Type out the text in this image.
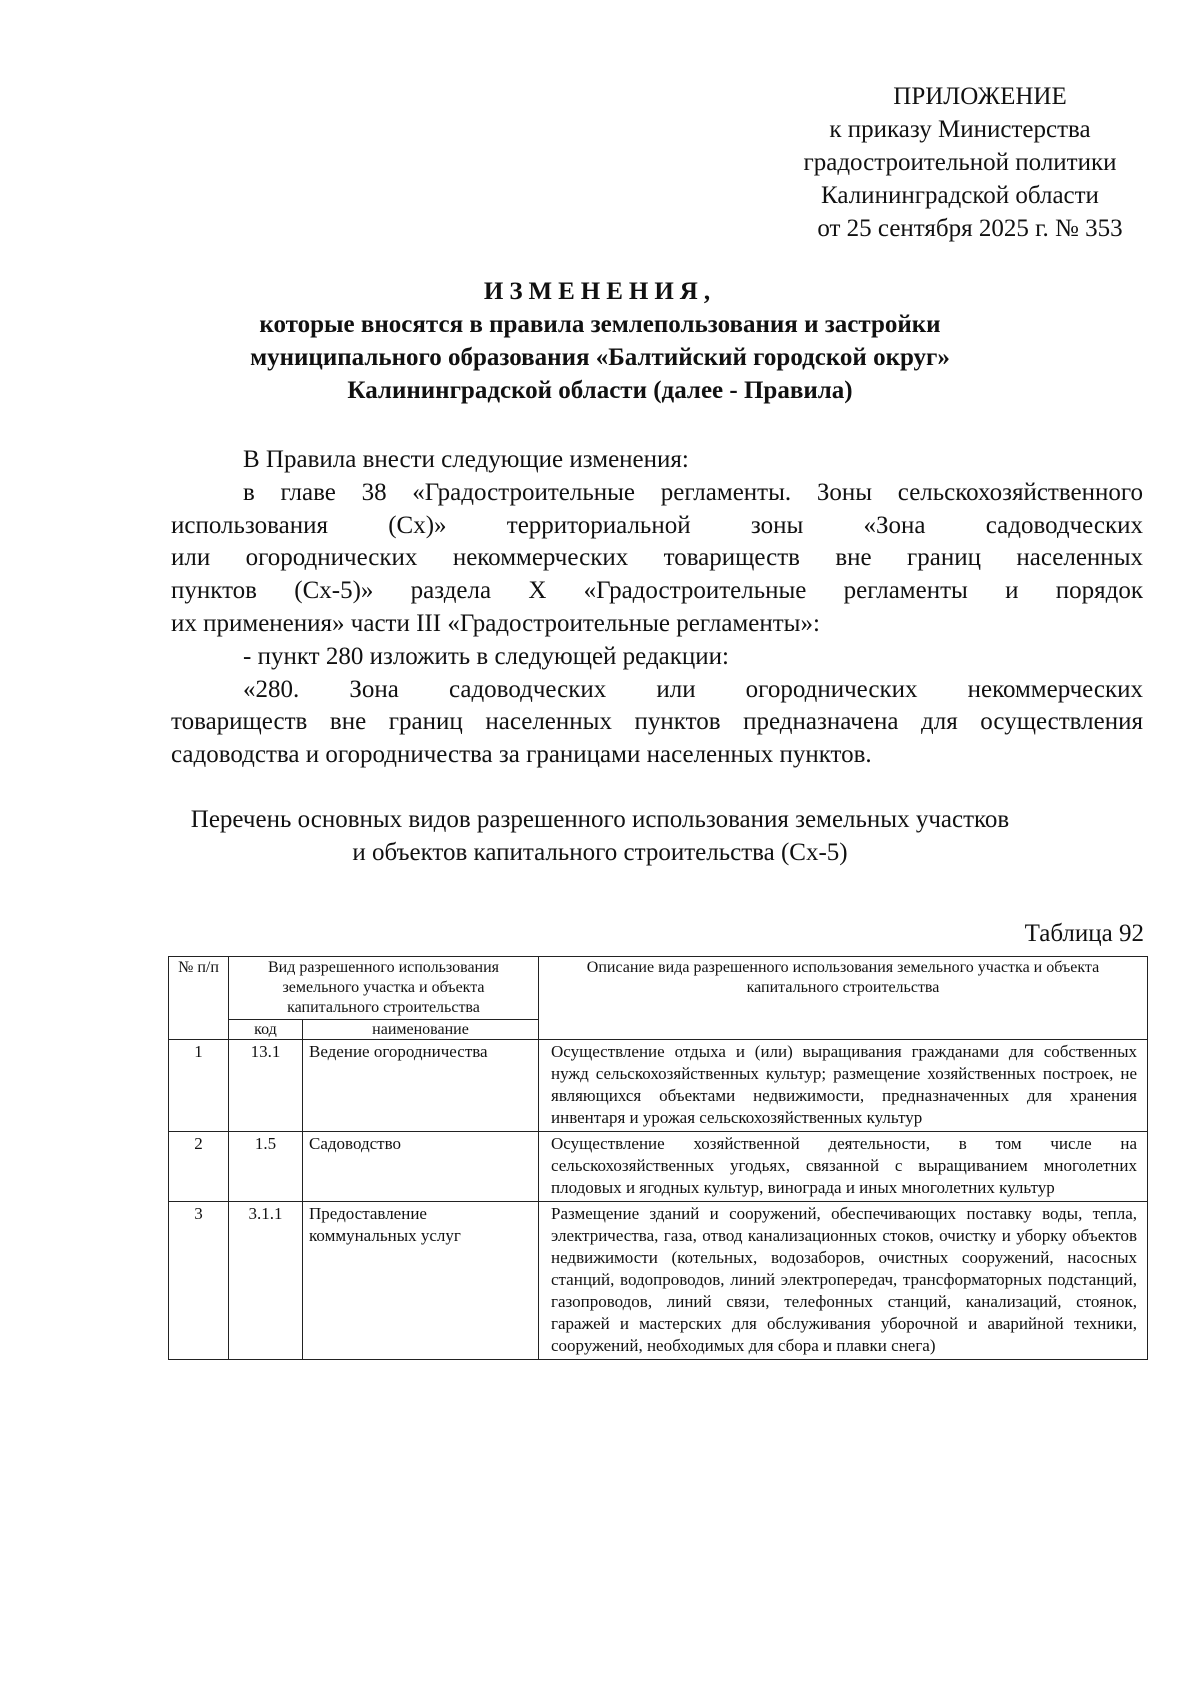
ПРИЛОЖЕНИЕ
к приказу Министерства
градостроительной политики
Калининградской области
от 25 сентября 2025 г. № 353
ИЗМЕНЕНИЯ,
которые вносятся в правила землепользования и застройки
муниципального образования «Балтийский городской округ»
Калининградской области (далее - Правила)

В Правила внести следующие изменения:

в главе 38 «Градостроительные регламенты. Зоны сельскохозяйственного

использования (Сх)» территориальной зоны «Зона садоводческих

или огороднических некоммерческих товариществ вне границ населенных

пунктов (Сх-5)» раздела X «Градостроительные регламенты и порядок

их применения» части III «Градостроительные регламенты»:

- пункт 280 изложить в следующей редакции:

«280. Зона садоводческих или огороднических некоммерческих

товариществ вне границ населенных пунктов предназначена для осуществления

садоводства и огородничества за границами населенных пунктов.

Перечень основных видов разрешенного использования земельных участков
и объектов капитального строительства (Сх-5)
Таблица 92
№ п/п	Вид разрешенного использования земельного участка и объекта капитального строительства		Описание вида разрешенного использования земельного участка и объекта капитального строительства
	код	наименование	
1	13.1	Ведение огородничества	Осуществление отдыха и (или) выращивания гражданами для собственных нужд сельскохозяйственных культур; размещение хозяйственных построек, не являющихся объектами недвижимости, предназначенных для хранения инвентаря и урожая сельскохозяйственных культур
2	1.5	Садоводство	Осуществление хозяйственной деятельности, в том числе на сельскохозяйственных угодьях, связанной с выращиванием многолетних плодовых и ягодных культур, винограда и иных многолетних культур
3	3.1.1	Предоставление коммунальных услуг	Размещение зданий и сооружений, обеспечивающих поставку воды, тепла, электричества, газа, отвод канализационных стоков, очистку и уборку объектов недвижимости (котельных, водозаборов, очистных сооружений, насосных станций, водопроводов, линий электропередач, трансформаторных подстанций, газопроводов, линий связи, телефонных станций, канализаций, стоянок, гаражей и мастерских для обслуживания уборочной и аварийной техники, сооружений, необходимых для сбора и плавки снега)
